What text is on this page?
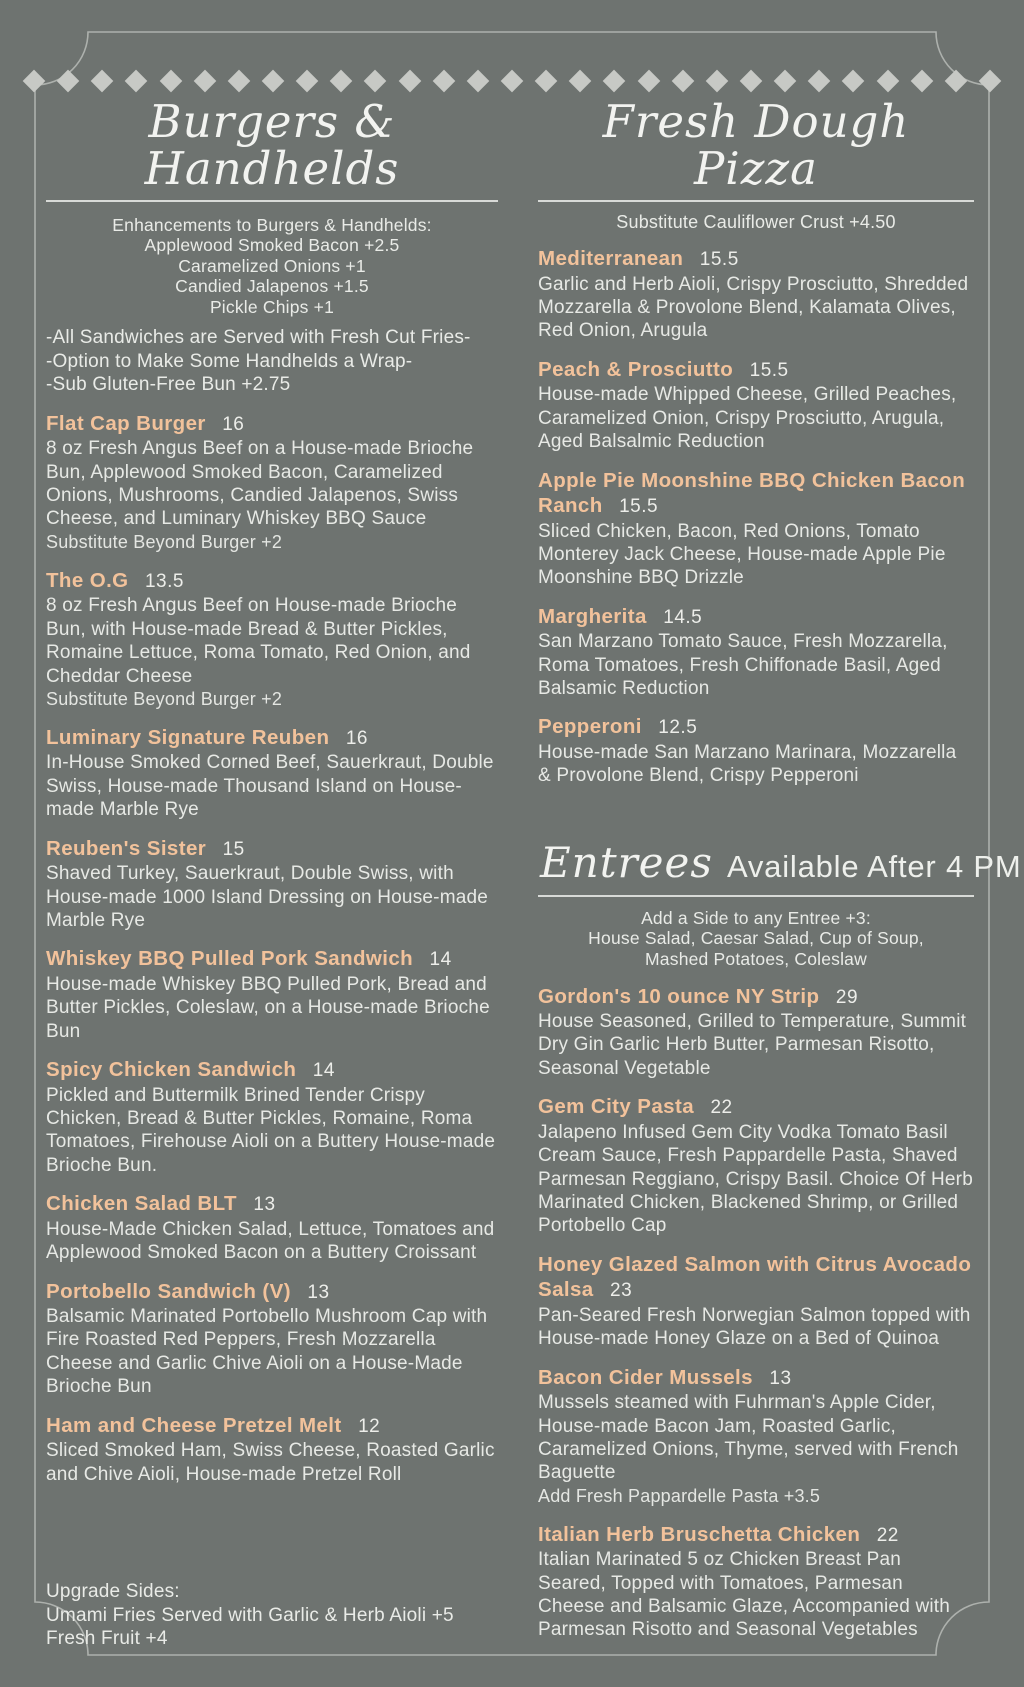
Burgers & Handhelds
Enhancements to Burgers & Handhelds:
Applewood Smoked Bacon +2.5
Caramelized Onions +1
Candied Jalapenos +1.5
Pickle Chips +1
-All Sandwiches are Served with Fresh Cut Fries-
-Option to Make Some Handhelds a Wrap-
-Sub Gluten-Free Bun +2.75
Flat Cap Burger 16
8 oz Fresh Angus Beef on a House-made Brioche Bun, Applewood Smoked Bacon, Caramelized Onions, Mushrooms, Candied Jalapenos, Swiss Cheese, and Luminary Whiskey BBQ Sauce
Substitute Beyond Burger +2
The O.G 13.5
8 oz Fresh Angus Beef on House-made Brioche Bun, with House-made Bread & Butter Pickles, Romaine Lettuce, Roma Tomato, Red Onion, and Cheddar Cheese
Substitute Beyond Burger +2
Luminary Signature Reuben 16
In-House Smoked Corned Beef, Sauerkraut, Double Swiss, House-made Thousand Island on House-made Marble Rye
Reuben's Sister 15
Shaved Turkey, Sauerkraut, Double Swiss, with House-made 1000 Island Dressing on House-made Marble Rye
Whiskey BBQ Pulled Pork Sandwich 14
House-made Whiskey BBQ Pulled Pork, Bread and Butter Pickles, Coleslaw, on a House-made Brioche Bun
Spicy Chicken Sandwich 14
Pickled and Buttermilk Brined Tender Crispy Chicken, Bread & Butter Pickles, Romaine, Roma Tomatoes, Firehouse Aioli on a Buttery House-made Brioche Bun.
Chicken Salad BLT 13
House-Made Chicken Salad, Lettuce, Tomatoes and Applewood Smoked Bacon on a Buttery Croissant
Portobello Sandwich (V) 13
Balsamic Marinated Portobello Mushroom Cap with Fire Roasted Red Peppers, Fresh Mozzarella Cheese and Garlic Chive Aioli on a House-Made Brioche Bun
Ham and Cheese Pretzel Melt 12
Sliced Smoked Ham, Swiss Cheese, Roasted Garlic and Chive Aioli, House-made Pretzel Roll
Upgrade Sides:
Umami Fries Served with Garlic & Herb Aioli +5
Fresh Fruit +4
Fresh Dough Pizza
Substitute Cauliflower Crust +4.50
Mediterranean 15.5
Garlic and Herb Aioli, Crispy Prosciutto, Shredded Mozzarella & Provolone Blend, Kalamata Olives, Red Onion, Arugula
Peach & Prosciutto 15.5
House-made Whipped Cheese, Grilled Peaches, Caramelized Onion, Crispy Prosciutto, Arugula, Aged Balsalmic Reduction
Apple Pie Moonshine BBQ Chicken Bacon Ranch 15.5
Sliced Chicken, Bacon, Red Onions, Tomato Monterey Jack Cheese, House-made Apple Pie Moonshine BBQ Drizzle
Margherita 14.5
San Marzano Tomato Sauce, Fresh Mozzarella, Roma Tomatoes, Fresh Chiffonade Basil, Aged Balsamic Reduction
Pepperoni 12.5
House-made San Marzano Marinara, Mozzarella & Provolone Blend, Crispy Pepperoni
Entrees Available After 4 PM
Add a Side to any Entree +3:
House Salad, Caesar Salad, Cup of Soup,
Mashed Potatoes, Coleslaw
Gordon's 10 ounce NY Strip 29
House Seasoned, Grilled to Temperature, Summit Dry Gin Garlic Herb Butter, Parmesan Risotto, Seasonal Vegetable
Gem City Pasta 22
Jalapeno Infused Gem City Vodka Tomato Basil Cream Sauce, Fresh Pappardelle Pasta, Shaved Parmesan Reggiano, Crispy Basil. Choice Of Herb Marinated Chicken, Blackened Shrimp, or Grilled Portobello Cap
Honey Glazed Salmon with Citrus Avocado Salsa 23
Pan-Seared Fresh Norwegian Salmon topped with House-made Honey Glaze on a Bed of Quinoa
Bacon Cider Mussels 13
Mussels steamed with Fuhrman's Apple Cider, House-made Bacon Jam, Roasted Garlic, Caramelized Onions, Thyme, served with French Baguette
Add Fresh Pappardelle Pasta +3.5
Italian Herb Bruschetta Chicken 22
Italian Marinated 5 oz Chicken Breast Pan Seared, Topped with Tomatoes, Parmesan Cheese and Balsamic Glaze, Accompanied with Parmesan Risotto and Seasonal Vegetables
